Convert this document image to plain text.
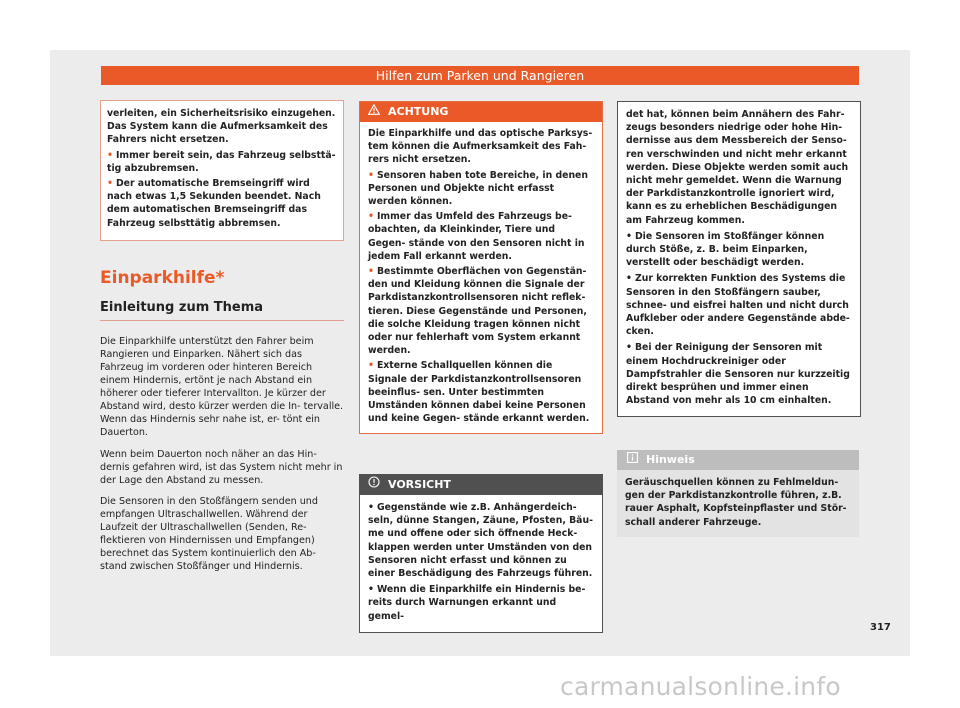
Hilfen zum Parken und Rangieren

verleiten, ein Sicherheitsrisiko einzugehen. Das System kann die Aufmerksamkeit des Fahrers nicht ersetzen.

• Immer bereit sein, das Fahrzeug selbsttä- tig abzubremsen.

• Der automatische Bremseingriff wird nach etwas 1,5 Sekunden beendet. Nach dem automatischen Bremseingriff das Fahrzeug selbsttätig abbremsen.

Einparkhilfe*
Einleitung zum Thema

Die Einparkhilfe unterstützt den Fahrer beim Rangieren und Einparken. Nähert sich das Fahrzeug im vorderen oder hinteren Bereich einem Hindernis, ertönt je nach Abstand ein höherer oder tieferer Intervallton. Je kürzer der Abstand wird, desto kürzer werden die In- tervalle. Wenn das Hindernis sehr nahe ist, er- tönt ein Dauerton.

Wenn beim Dauerton noch näher an das Hin- dernis gefahren wird, ist das System nicht mehr in der Lage den Abstand zu messen.

Die Sensoren in den Stoßfängern senden und empfangen Ultraschallwellen. Während der Laufzeit der Ultraschallwellen (Senden, Re- flektieren von Hindernissen und Empfangen) berechnet das System kontinuierlich den Ab- stand zwischen Stoßfänger und Hindernis.

ACHTUNG

Die Einparkhilfe und das optische Parksys- tem können die Aufmerksamkeit des Fah- rers nicht ersetzen.

• Sensoren haben tote Bereiche, in denen Personen und Objekte nicht erfasst werden können.

• Immer das Umfeld des Fahrzeugs be- obachten, da Kleinkinder, Tiere und Gegen- stände von den Sensoren nicht in jedem Fall erkannt werden.

• Bestimmte Oberflächen von Gegenstän- den und Kleidung können die Signale der Parkdistanzkontrollsensoren nicht reflek- tieren. Diese Gegenstände und Personen, die solche Kleidung tragen können nicht oder nur fehlerhaft vom System erkannt werden.

• Externe Schallquellen können die Signale der Parkdistanzkontrollsensoren beeinflus- sen. Unter bestimmten Umständen können dabei keine Personen und keine Gegen- stände erkannt werden.

VORSICHT

• Gegenstände wie z.B. Anhängerdeich- seln, dünne Stangen, Zäune, Pfosten, Bäu- me und offene oder sich öffnende Heck- klappen werden unter Umständen von den Sensoren nicht erfasst und können zu einer Beschädigung des Fahrzeugs führen.

• Wenn die Einparkhilfe ein Hindernis be- reits durch Warnungen erkannt und gemel-

det hat, können beim Annähern des Fahr- zeugs besonders niedrige oder hohe Hin- dernisse aus dem Messbereich der Senso- ren verschwinden und nicht mehr erkannt werden. Diese Objekte werden somit auch nicht mehr gemeldet. Wenn die Warnung der Parkdistanzkontrolle ignoriert wird, kann es zu erheblichen Beschädigungen am Fahrzeug kommen.

• Die Sensoren im Stoßfänger können durch Stöße, z. B. beim Einparken, verstellt oder beschädigt werden.

• Zur korrekten Funktion des Systems die Sensoren in den Stoßfängern sauber, schnee- und eisfrei halten und nicht durch Aufkleber oder andere Gegenstände abde- cken.

• Bei der Reinigung der Sensoren mit einem Hochdruckreiniger oder Dampfstrahler die Sensoren nur kurzzeitig direkt besprühen und immer einen Abstand von mehr als 10 cm einhalten.

Hinweis
Geräuschquellen können zu Fehlmeldun- gen der Parkdistanzkontrolle führen, z.B. rauer Asphalt, Kopfsteinpflaster und Stör- schall anderer Fahrzeuge.
317
carmanualsonline.info
